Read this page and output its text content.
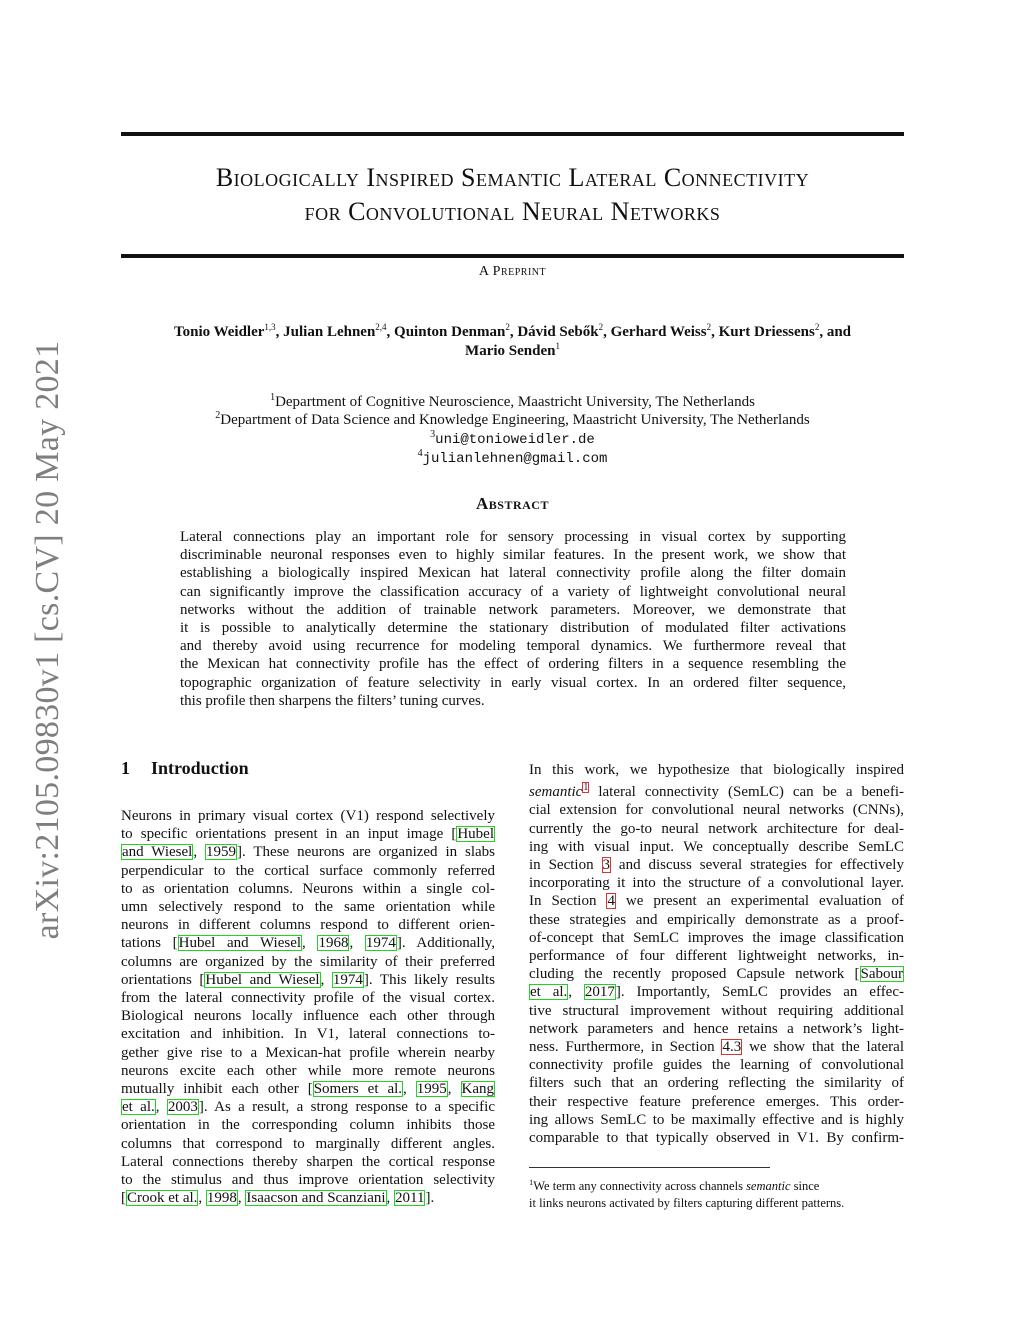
arXiv:2105.09830v1 [cs.CV] 20 May 2021
Biologically Inspired Semantic Lateral Connectivity
for Convolutional Neural Networks
A Preprint
Tonio Weidler$^{1,3}$, Julian Lehnen$^{2,4}$, Quinton Denman$^2$, Dávid Sebők$^2$, Gerhard Weiss$^2$, Kurt Driessens$^2$, and
Mario Senden$^1$
$^1$Department of Cognitive Neuroscience, Maastricht University, The Netherlands
$^2$Department of Data Science and Knowledge Engineering, Maastricht University, The Netherlands
$^3$uni@tonioweidler.de
$^4$julianlehnen@gmail.com
Abstract
Lateral connections play an important role for sensory processing in visual cortex by supporting
discriminable neuronal responses even to highly similar features. In the present work, we show that
establishing a biologically inspired Mexican hat lateral connectivity profile along the filter domain
can significantly improve the classification accuracy of a variety of lightweight convolutional neural
networks without the addition of trainable network parameters. Moreover, we demonstrate that
it is possible to analytically determine the stationary distribution of modulated filter activations
and thereby avoid using recurrence for modeling temporal dynamics. We furthermore reveal that
the Mexican hat connectivity profile has the effect of ordering filters in a sequence resembling the
topographic organization of feature selectivity in early visual cortex. In an ordered filter sequence,
this profile then sharpens the filters’ tuning curves.
1 Introduction
Neurons in primary visual cortex (V1) respond selectively
to specific orientations present in an input image [Hubel
and Wiesel, 1959]. These neurons are organized in slabs
perpendicular to the cortical surface commonly referred
to as orientation columns. Neurons within a single col-
umn selectively respond to the same orientation while
neurons in different columns respond to different orien-
tations [Hubel and Wiesel, 1968, 1974]. Additionally,
columns are organized by the similarity of their preferred
orientations [Hubel and Wiesel, 1974]. This likely results
from the lateral connectivity profile of the visual cortex.
Biological neurons locally influence each other through
excitation and inhibition. In V1, lateral connections to-
gether give rise to a Mexican-hat profile wherein nearby
neurons excite each other while more remote neurons
mutually inhibit each other [Somers et al., 1995, Kang
et al., 2003]. As a result, a strong response to a specific
orientation in the corresponding column inhibits those
columns that correspond to marginally different angles.
Lateral connections thereby sharpen the cortical response
to the stimulus and thus improve orientation selectivity
[Crook et al., 1998, Isaacson and Scanziani, 2011].
In this work, we hypothesize that biologically inspired
semantic$^1$ lateral connectivity (SemLC) can be a benefi-
cial extension for convolutional neural networks (CNNs),
currently the go-to neural network architecture for deal-
ing with visual input. We conceptually describe SemLC
in Section 3 and discuss several strategies for effectively
incorporating it into the structure of a convolutional layer.
In Section 4 we present an experimental evaluation of
these strategies and empirically demonstrate as a proof-
of-concept that SemLC improves the image classification
performance of four different lightweight networks, in-
cluding the recently proposed Capsule network [Sabour
et al., 2017]. Importantly, SemLC provides an effec-
tive structural improvement without requiring additional
network parameters and hence retains a network’s light-
ness. Furthermore, in Section 4.3 we show that the lateral
connectivity profile guides the learning of convolutional
filters such that an ordering reflecting the similarity of
their respective feature preference emerges. This order-
ing allows SemLC to be maximally effective and is highly
comparable to that typically observed in V1. By confirm-
$^1$We term any connectivity across channels semantic since
it links neurons activated by filters capturing different patterns.
